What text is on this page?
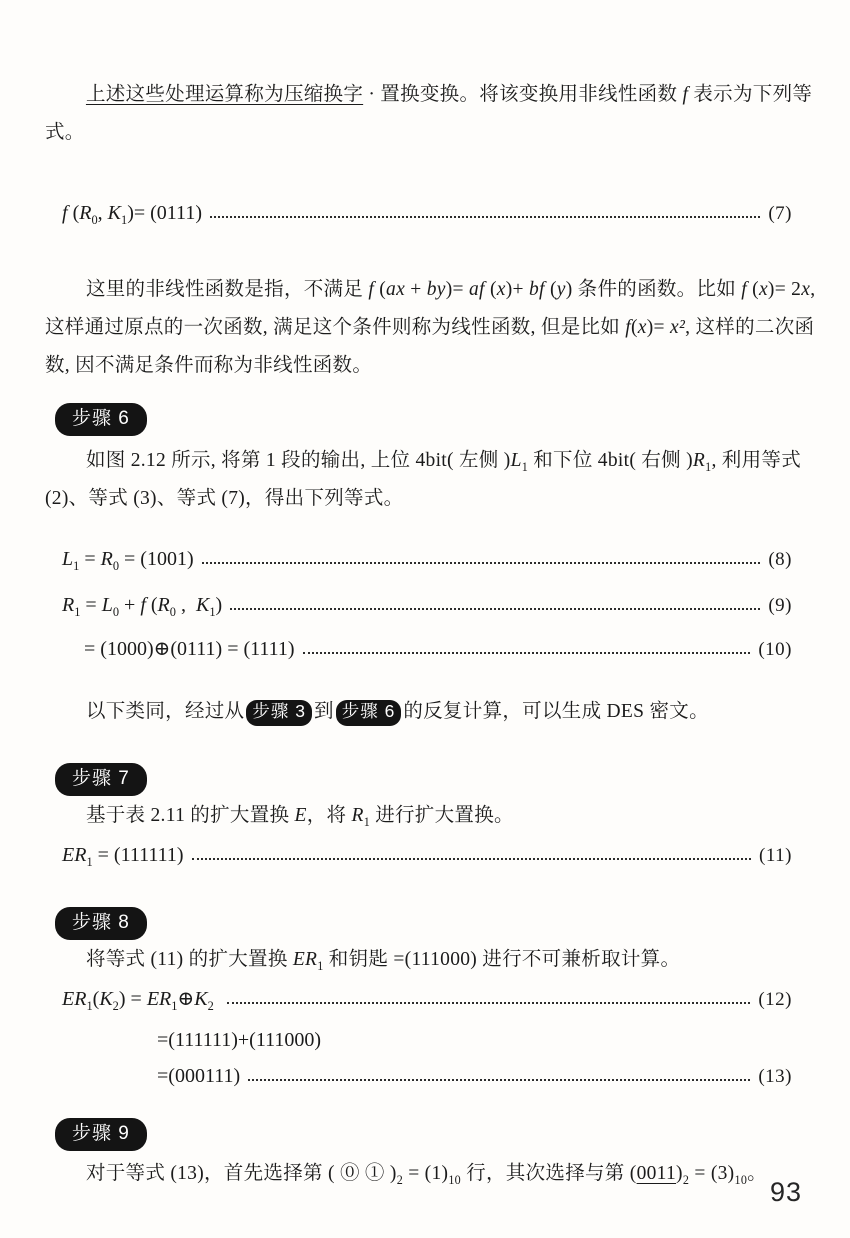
上述这些处理运算称为压缩换字 · 置换变换。将该变换用非线性函数 f 表示为下列等式。

f ($R_0$, $K_1)= (0111)$	(7)

这里的非线性函数是指，不满足 f (ax + by)= af (x)+ bf (y) 条件的函数。比如 f (x)= 2x, 这样通过原点的一次函数, 满足这个条件则称为线性函数, 但是比如 f(x)= x², 这样的二次函数, 因不满足条件而称为非线性函数。

步骤 6

如图 2.12 所示, 将第 1 段的输出, 上位 4bit( 左侧 )$L_1$ 和下位 4bit( 右侧 )$R_1$, 利用等式 (2)、等式 (3)、等式 (7)，得出下列等式。

$L_1 = R_0 = (1001)$	(8)
$R_1 = L_0 + f$ ($R_0$ ,  $K_1$)	(9)
= (1000)⊕(0111) = (1111)	(10)

以下类同，经过从 步骤 3 到 步骤 6 的反复计算，可以生成 DES 密文。

步骤 7

基于表 2.11 的扩大置换 E，将 $R_1$ 进行扩大置换。

$ER_1 = (111111)$	(11)
步骤 8

将等式 (11) 的扩大置换 $ER_1$ 和钥匙 =(111000) 进行不可兼析取计算。

$ER_1(K_2)$ = $ER_1\oplus K_2$	(12)
=(111111)+(111000)
=(000111)	(13)
步骤 9

对于等式 (13)，首先选择第 ( ⓪ ① )$_2 = (1)_{10}$ 行，其次选择与第 $(0011)_2 = (3)_{10}$。

93
